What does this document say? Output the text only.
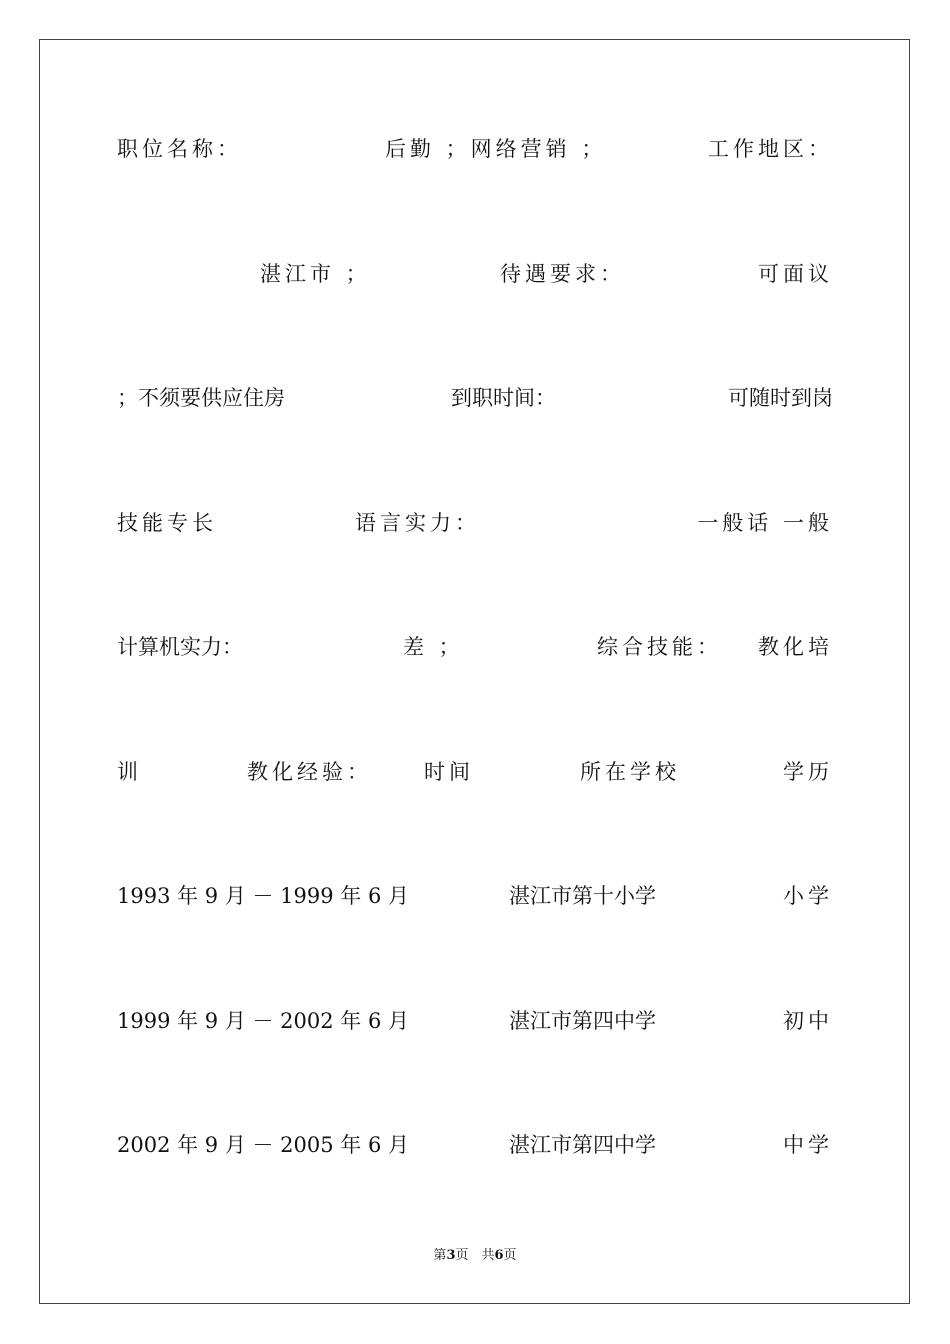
职位名称：	后勤 ；网络营销 ；	工作地区：
湛江市 ；	待遇要求：	可面议
；不须要供应住房	到职时间：	可随时到岗
技能专长	语言实力：	一般话 一般
计算机实力：	差 ；	综合技能： 教化培
训	教化经验： 时间	所在学校	学历
1993 年 9 月 － 1999 年 6 月	湛江市第十小学	小学
1999 年 9 月 － 2002 年 6 月	湛江市第四中学	初中
2002 年 9 月 － 2005 年 6 月	湛江市第四中学	中学
第3页　共6页
